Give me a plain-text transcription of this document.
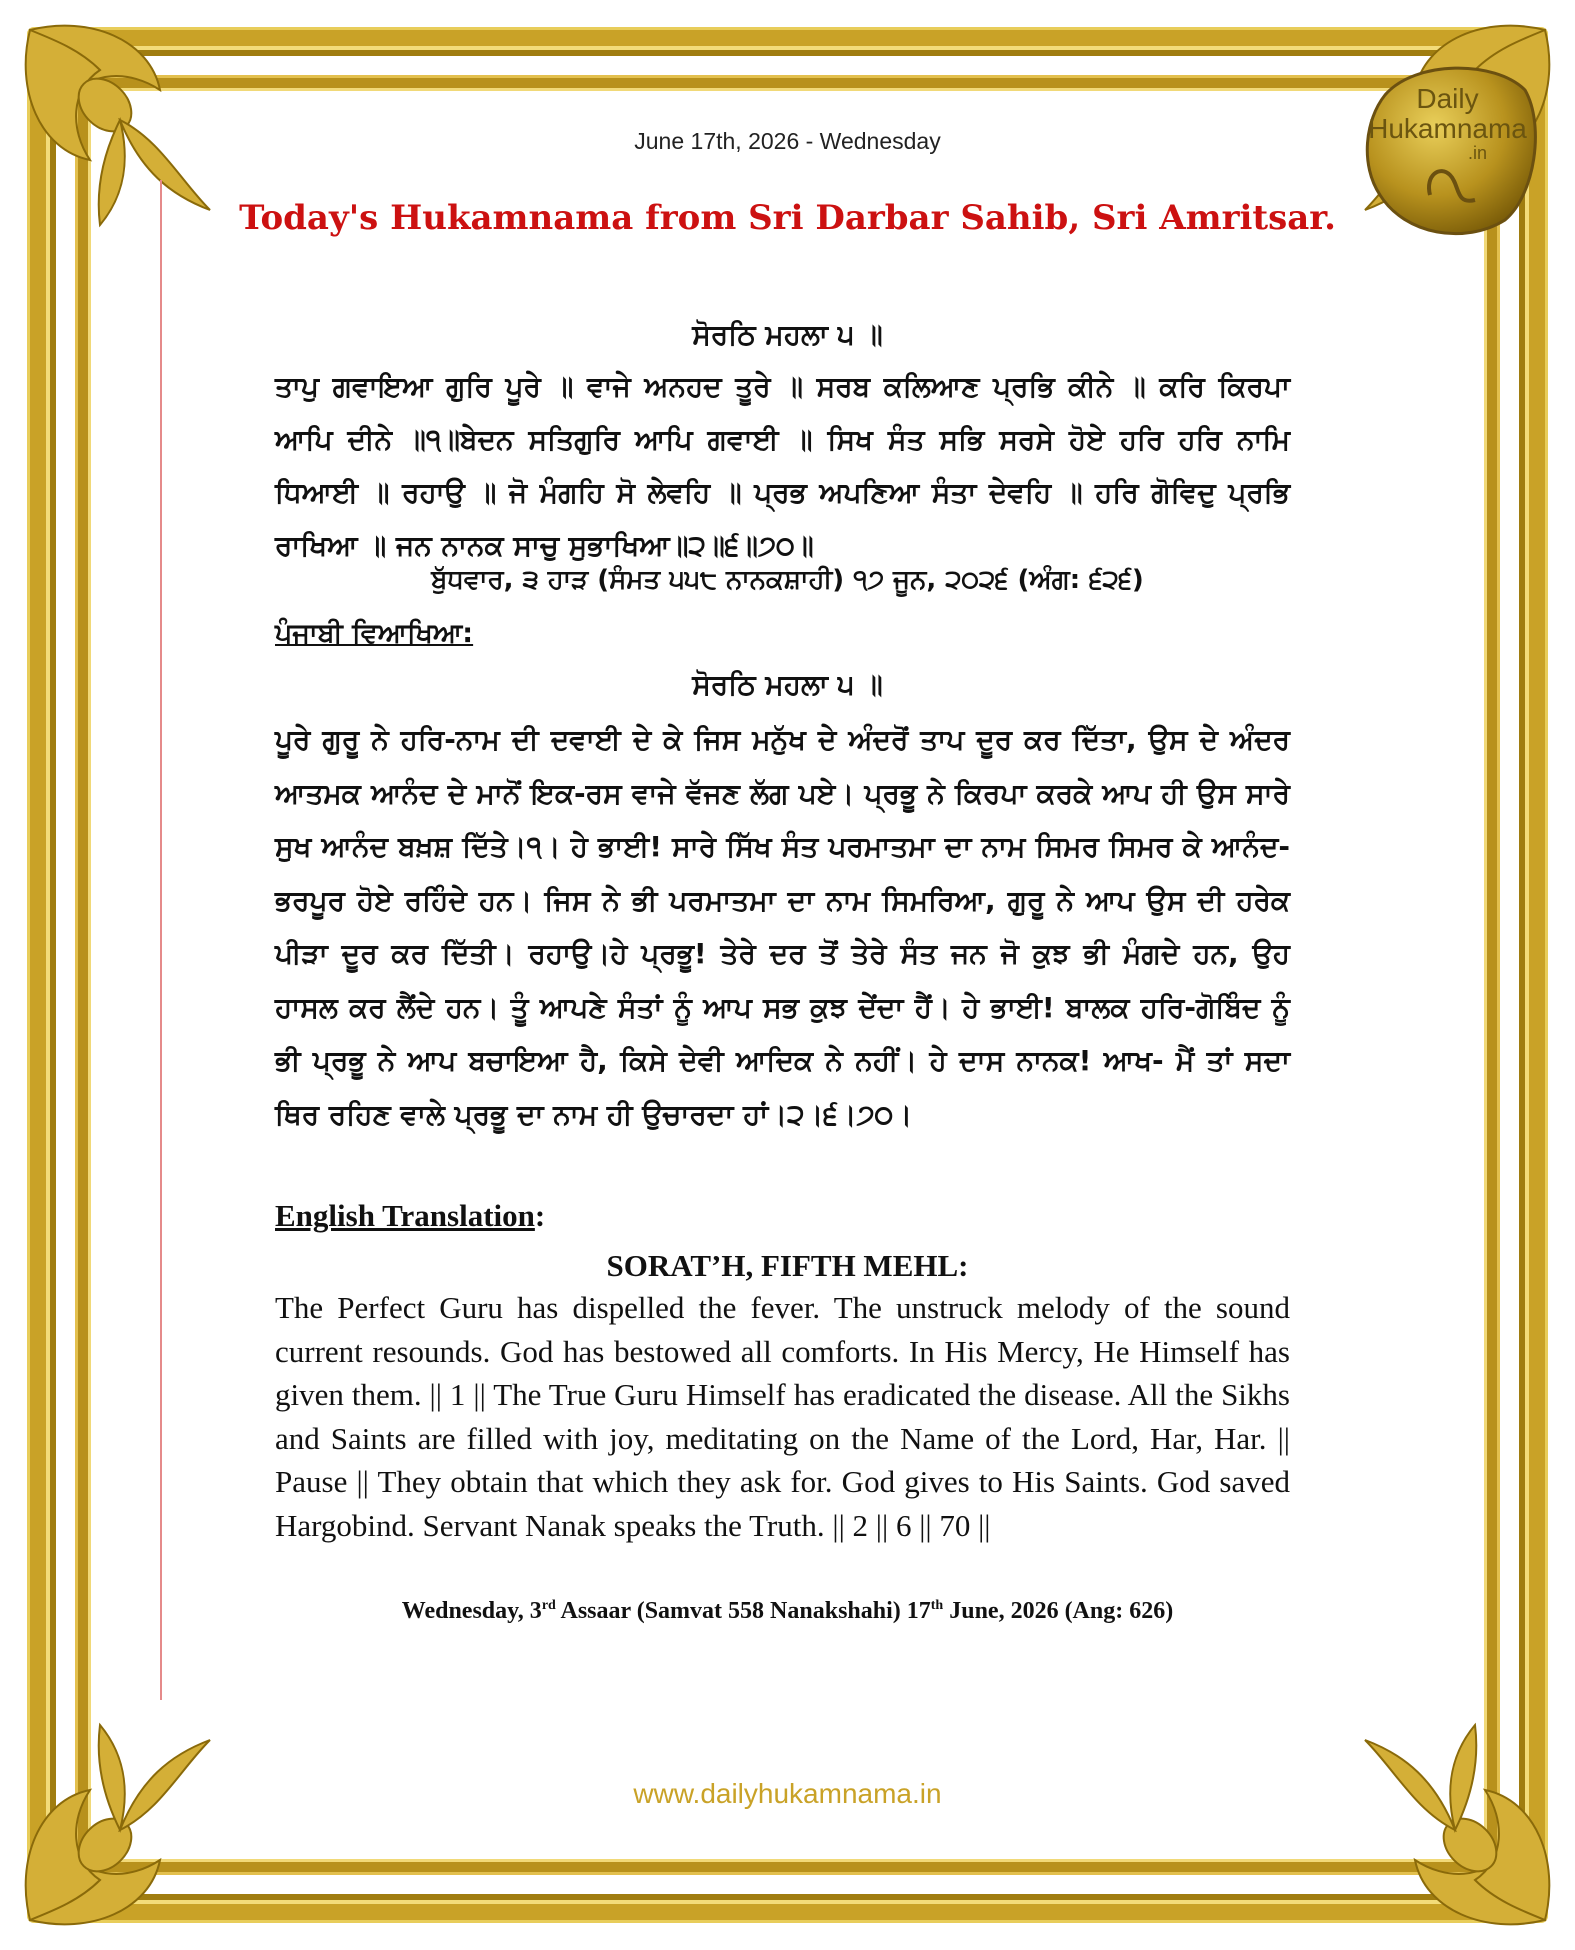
Daily
Hukamnama
.in
June 17th, 2026 - Wednesday
Today's Hukamnama from Sri Darbar Sahib, Sri Amritsar.
ਸੋਰਠਿ ਮਹਲਾ ੫ ॥
ਤਾਪੁ ਗਵਾਇਆ ਗੁਰਿ ਪੂਰੇ ॥ ਵਾਜੇ ਅਨਹਦ ਤੂਰੇ ॥ ਸਰਬ ਕਲਿਆਣ ਪ੍ਰਭਿ ਕੀਨੇ ॥ ਕਰਿ ਕਿਰਪਾ ਆਪਿ ਦੀਨੇ ॥੧॥ਬੇਦਨ ਸਤਿਗੁਰਿ ਆਪਿ ਗਵਾਈ ॥ ਸਿਖ ਸੰਤ ਸਭਿ ਸਰਸੇ ਹੋਏ ਹਰਿ ਹਰਿ ਨਾਮਿ ਧਿਆਈ ॥ ਰਹਾਉ ॥ ਜੋ ਮੰਗਹਿ ਸੋ ਲੇਵਹਿ ॥ ਪ੍ਰਭ ਅਪਣਿਆ ਸੰਤਾ ਦੇਵਹਿ ॥ ਹਰਿ ਗੋਵਿਦੁ ਪ੍ਰਭਿ ਰਾਖਿਆ ॥ ਜਨ ਨਾਨਕ ਸਾਚੁ ਸੁਭਾਖਿਆ॥੨॥੬॥੭੦॥
ਬੁੱਧਵਾਰ, ੩ ਹਾੜ (ਸੰਮਤ ੫੫੮ ਨਾਨਕਸ਼ਾਹੀ) ੧੭ ਜੂਨ, ੨੦੨੬ (ਅੰਗ: ੬੨੬)
ਪੰਜਾਬੀ ਵਿਆਖਿਆ:
ਸੋਰਠਿ ਮਹਲਾ ੫ ॥
ਪੂਰੇ ਗੁਰੂ ਨੇ ਹਰਿ-ਨਾਮ ਦੀ ਦਵਾਈ ਦੇ ਕੇ ਜਿਸ ਮਨੁੱਖ ਦੇ ਅੰਦਰੋਂ ਤਾਪ ਦੂਰ ਕਰ ਦਿੱਤਾ, ਉਸ ਦੇ ਅੰਦਰ ਆਤਮਕ ਆਨੰਦ ਦੇ ਮਾਨੋਂ ਇਕ-ਰਸ ਵਾਜੇ ਵੱਜਣ ਲੱਗ ਪਏ। ਪ੍ਰਭੂ ਨੇ ਕਿਰਪਾ ਕਰਕੇ ਆਪ ਹੀ ਉਸ ਸਾਰੇ ਸੁਖ ਆਨੰਦ ਬਖ਼ਸ਼ ਦਿੱਤੇ।੧। ਹੇ ਭਾਈ! ਸਾਰੇ ਸਿੱਖ ਸੰਤ ਪਰਮਾਤਮਾ ਦਾ ਨਾਮ ਸਿਮਰ ਸਿਮਰ ਕੇ ਆਨੰਦ-ਭਰਪੂਰ ਹੋਏ ਰਹਿੰਦੇ ਹਨ। ਜਿਸ ਨੇ ਭੀ ਪਰਮਾਤਮਾ ਦਾ ਨਾਮ ਸਿਮਰਿਆ, ਗੁਰੂ ਨੇ ਆਪ ਉਸ ਦੀ ਹਰੇਕ ਪੀੜਾ ਦੂਰ ਕਰ ਦਿੱਤੀ। ਰਹਾਉ।ਹੇ ਪ੍ਰਭੂ! ਤੇਰੇ ਦਰ ਤੋਂ ਤੇਰੇ ਸੰਤ ਜਨ ਜੋ ਕੁਝ ਭੀ ਮੰਗਦੇ ਹਨ, ਉਹ ਹਾਸਲ ਕਰ ਲੈਂਦੇ ਹਨ। ਤੂੰ ਆਪਣੇ ਸੰਤਾਂ ਨੂੰ ਆਪ ਸਭ ਕੁਝ ਦੇਂਦਾ ਹੈਂ। ਹੇ ਭਾਈ! ਬਾਲਕ ਹਰਿ-ਗੋਬਿੰਦ ਨੂੰ ਭੀ ਪ੍ਰਭੂ ਨੇ ਆਪ ਬਚਾਇਆ ਹੈ, ਕਿਸੇ ਦੇਵੀ ਆਦਿਕ ਨੇ ਨਹੀਂ। ਹੇ ਦਾਸ ਨਾਨਕ! ਆਖ- ਮੈਂ ਤਾਂ ਸਦਾ ਥਿਰ ਰਹਿਣ ਵਾਲੇ ਪ੍ਰਭੂ ਦਾ ਨਾਮ ਹੀ ਉਚਾਰਦਾ ਹਾਂ।੨।੬।੭੦।
English Translation:
SORAT’H, FIFTH MEHL:
The Perfect Guru has dispelled the fever. The unstruck melody of the sound current resounds. God has bestowed all comforts. In His Mercy, He Himself has given them. || 1 || The True Guru Himself has eradicated the disease. All the Sikhs and Saints are filled with joy, meditating on the Name of the Lord, Har, Har. || Pause || They obtain that which they ask for. God gives to His Saints. God saved Hargobind. Servant Nanak speaks the Truth. || 2 || 6 || 70 ||
Wednesday, 3rd Assaar (Samvat 558 Nanakshahi) 17th June, 2026 (Ang: 626)
www.dailyhukamnama.in
